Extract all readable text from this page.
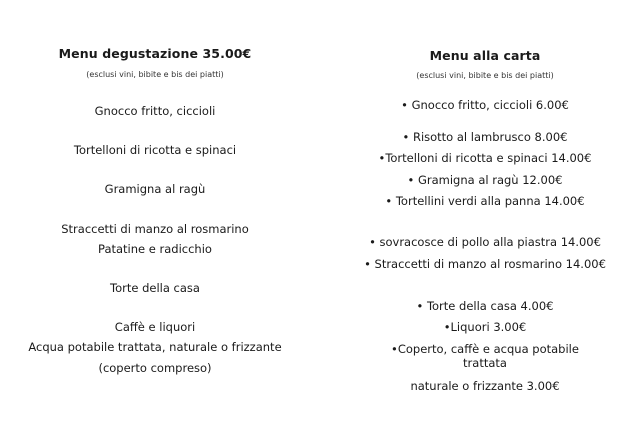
Menu degustazione 35.00€
(esclusi vini, bibite e bis dei piatti)
Gnocco fritto, ciccioli
Tortelloni di ricotta e spinaci
Gramigna al ragù
Straccetti di manzo al rosmarino
Patatine e radicchio
Torte della casa
Caffè e liquori
Acqua potabile trattata, naturale o frizzante
(coperto compreso)
Menu alla carta
(esclusi vini, bibite e bis dei piatti)
• Gnocco fritto, ciccioli 6.00€
• Risotto al lambrusco 8.00€
•Tortelloni di ricotta e spinaci 14.00€
• Gramigna al ragù 12.00€
• Tortellini verdi alla panna 14.00€
• sovracosce di pollo alla piastra 14.00€
• Straccetti di manzo al rosmarino 14.00€
• Torte della casa 4.00€
•Liquori 3.00€
•Coperto, caffè e acqua potabile trattata
naturale o frizzante 3.00€
